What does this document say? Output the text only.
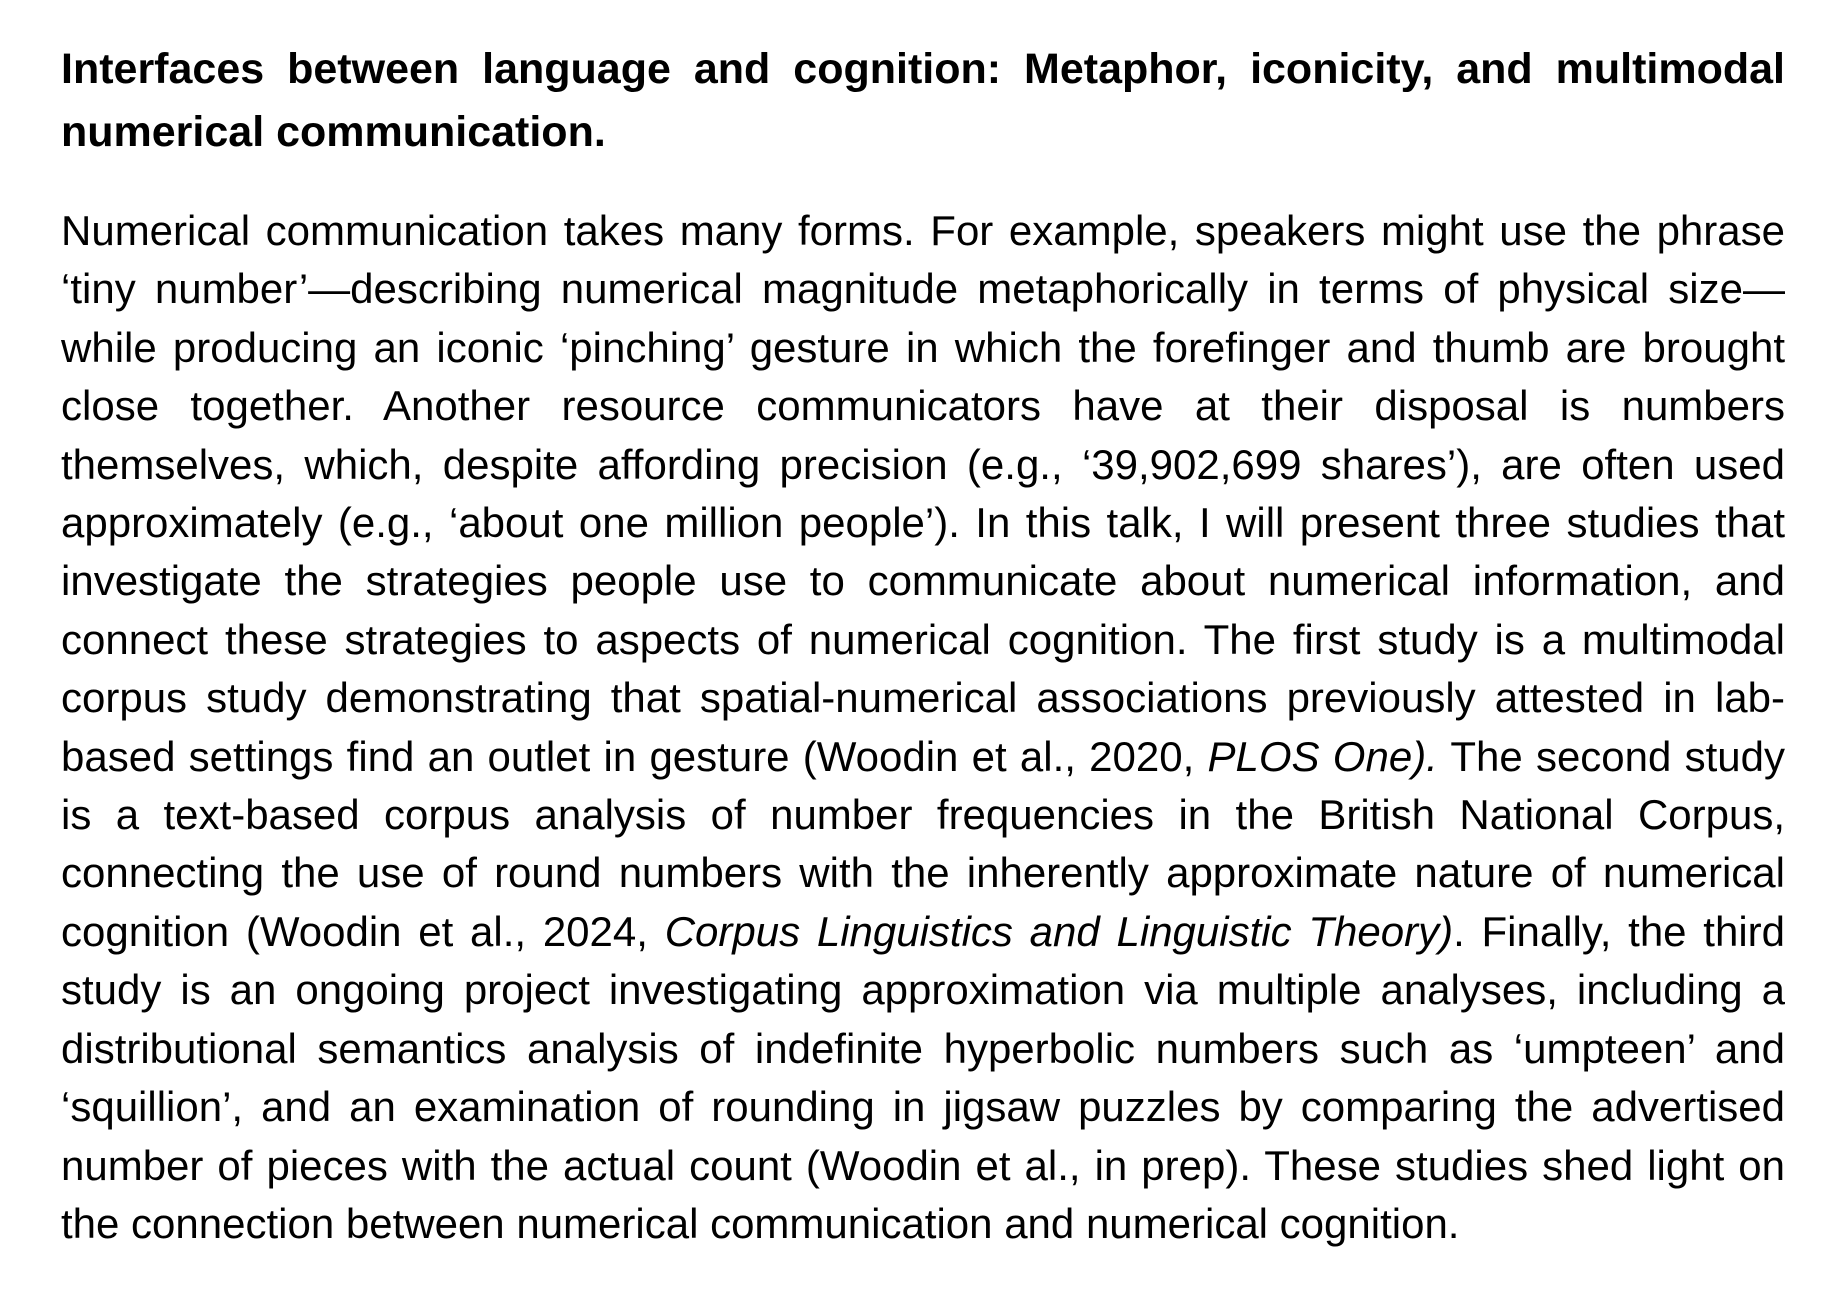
Interfaces between language and cognition: Metaphor, iconicity, and multimodal numerical communication.

Numerical communication takes many forms. For example, speakers might use the phrase ‘tiny number’—describing numerical magnitude metaphorically in terms of physical size—while producing an iconic ‘pinching’ gesture in which the forefinger and thumb are brought close together. Another resource communicators have at their disposal is numbers themselves, which, despite affording precision (e.g., ‘39,902,699 shares’), are often used approximately (e.g., ‘about one million people’). In this talk, I will present three studies that investigate the strategies people use to communicate about numerical information, and connect these strategies to aspects of numerical cognition. The first study is a multimodal corpus study demonstrating that spatial-numerical associations previously attested in lab-based settings find an outlet in gesture (Woodin et al., 2020, PLOS One). The second study is a text-based corpus analysis of number frequencies in the British National Corpus, connecting the use of round numbers with the inherently approximate nature of numerical cognition (Woodin et al., 2024, Corpus Linguistics and Linguistic Theory). Finally, the third study is an ongoing project investigating approximation via multiple analyses, including a distributional semantics analysis of indefinite hyperbolic numbers such as ‘umpteen’ and ‘squillion’, and an examination of rounding in jigsaw puzzles by comparing the advertised number of pieces with the actual count (Woodin et al., in prep). These studies shed light on the connection between numerical communication and numerical cognition.
